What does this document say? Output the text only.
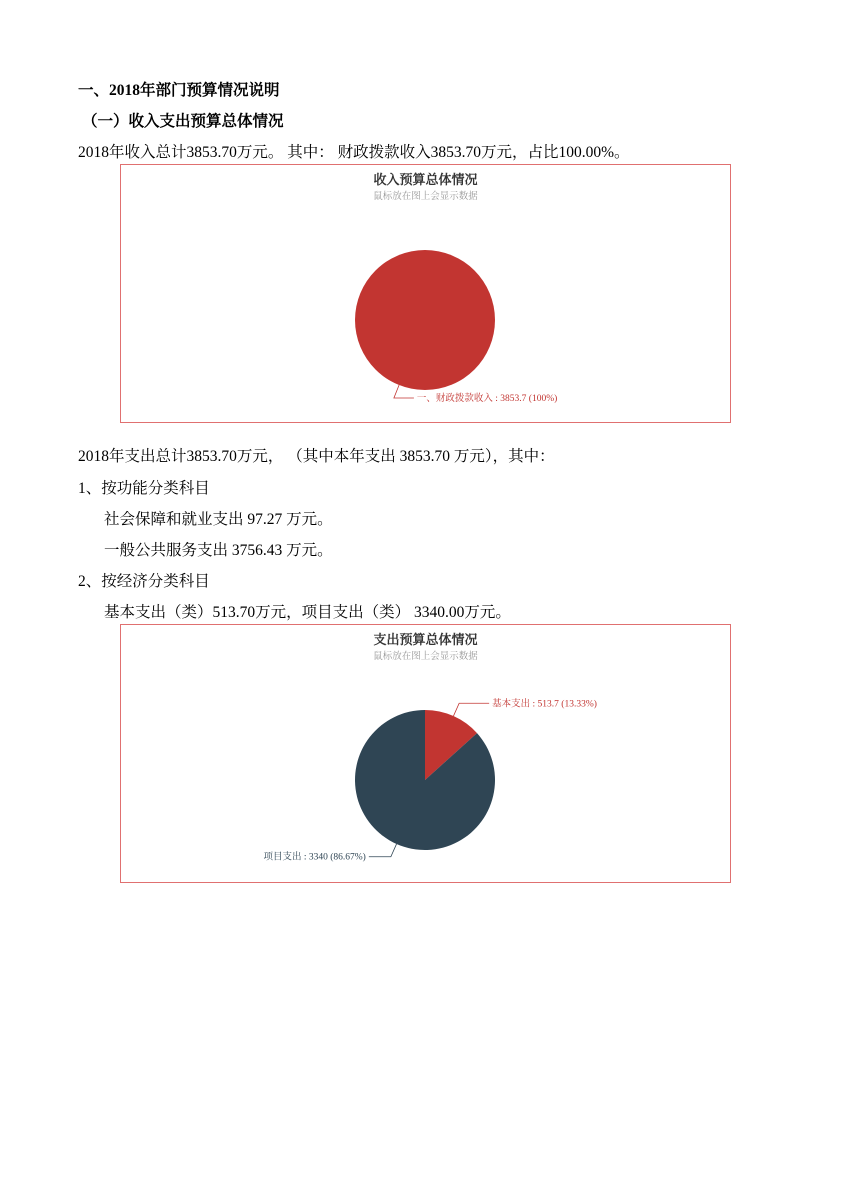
一、2018年部门预算情况说明
（一）收入支出预算总体情况
2018年收入总计3853.70万元。 其中： 财政拨款收入3853.70万元，占比100.00%。
收入预算总体情况
鼠标放在图上会显示数据
一、财政拨款收入 : 3853.7 (100%)
2018年支出总计3853.70万元， （其中本年支出 3853.70 万元），其中：
1、按功能分类科目
社会保障和就业支出 97.27 万元。
一般公共服务支出 3756.43 万元。
2、按经济分类科目
基本支出（类）513.70万元，项目支出（类） 3340.00万元。
支出预算总体情况
鼠标放在图上会显示数据
基本支出 : 513.7 (13.33%)
项目支出 : 3340 (86.67%)
